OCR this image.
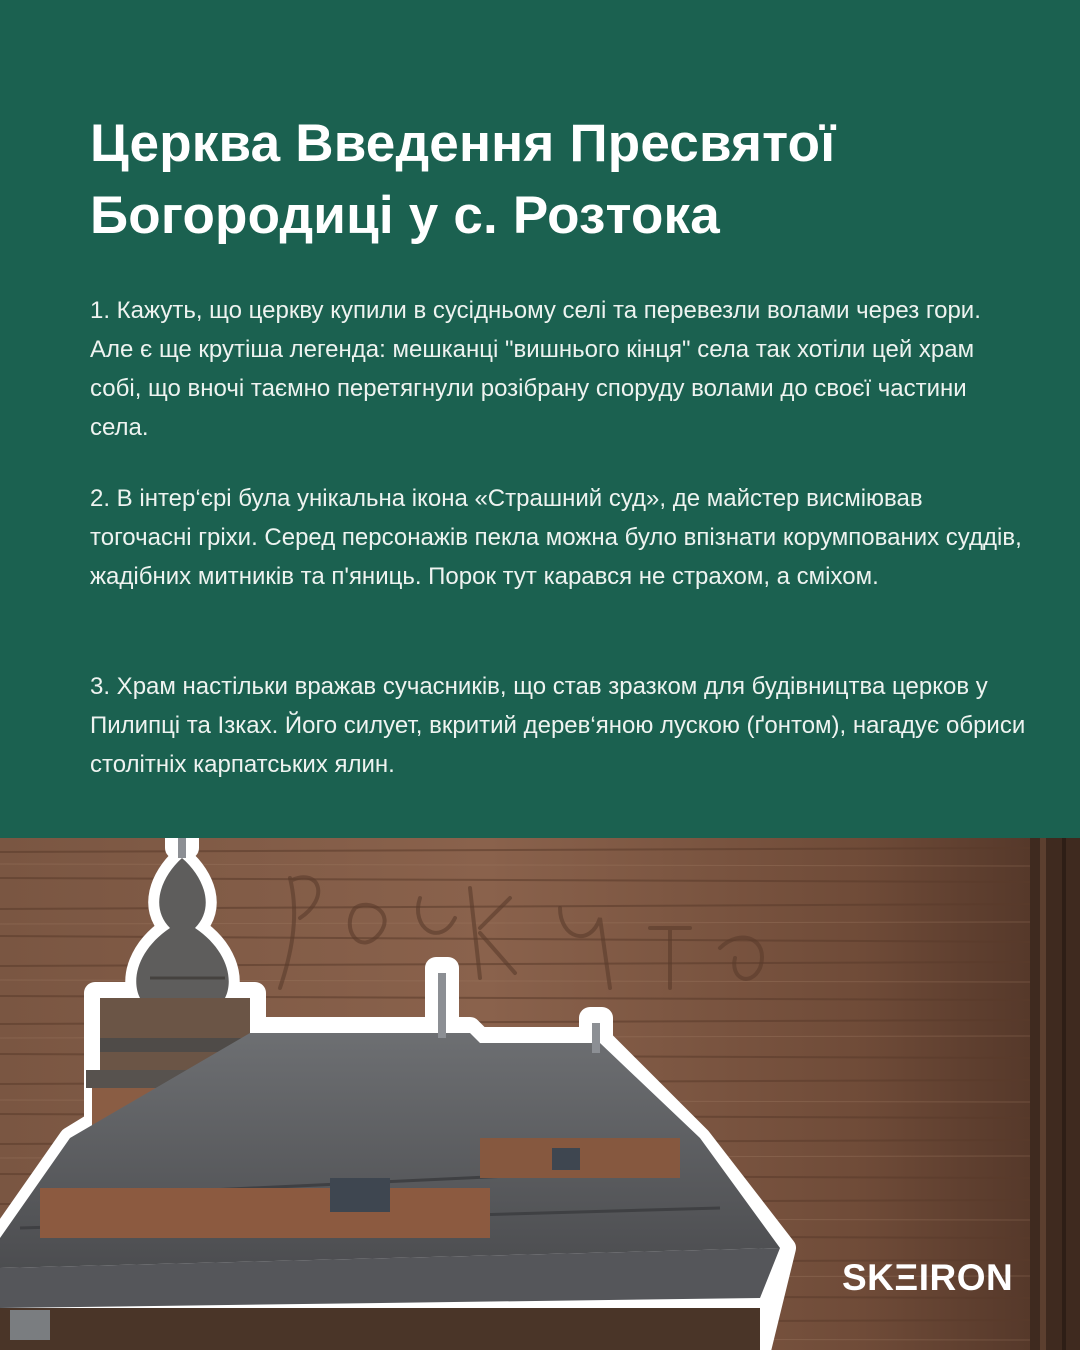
Церква Введення Пресвятої Богородиці у с. Розтока
1. Кажуть, що церкву купили в сусідньому селі та перевезли волами через гори. Але є ще крутіша легенда: мешканці "вишнього кінця" села так хотіли цей храм собі, що вночі таємно перетягнули розібрану споруду волами до своєї частини села.
2. В інтер‘єрі була унікальна ікона «Страшний суд», де майстер висміював тогочасні гріхи. Серед персонажів пекла можна було впізнати корумпованих суддів, жадібних митників та п'яниць. Порок тут карався не страхом, а сміхом.
3. Храм настільки вражав сучасників, що став зразком для будівництва церков у Пилипці та Ізках. Його силует, вкритий дерев‘яною лускою (ґонтом), нагадує обриси столітніх карпатських ялин.
SKΞIRON
